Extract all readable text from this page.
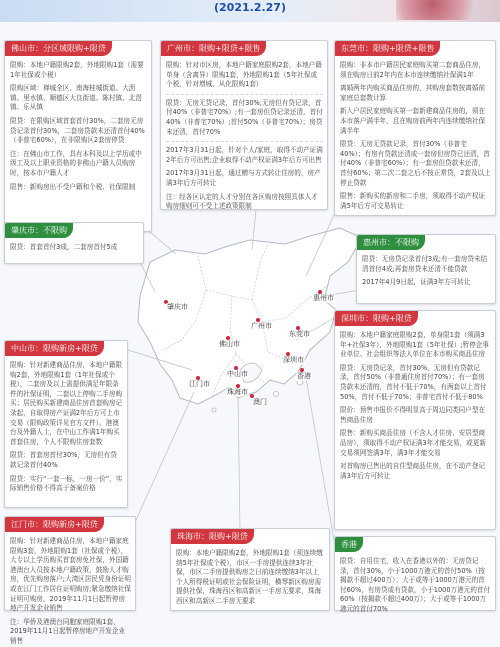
肇庆市
广州市
佛山市
东莞市
惠州市
深圳市
中山市
江门市
珠海市
澳门
香港
(2021.2.27)
佛山市：分区域限购+限贷

限购：本地户籍限购2套，外地限购1套（需要1年社保或个税）

限购区域：禅城全区、南海桂城街道、大沥镇、里水镇、顺德区大良街道、陈村镇、北滘镇、乐从镇

限贷：在限购区域首套首付30%，二套房无房贷记录首付30%，二套房贷款未还清首付40%（非普宅60%），在非限购区2套房停贷

注：在佛山市工作，具有本科及以上学历或中级工及以上职业资格的非佛山户籍人员购房时，按本市户籍人才

限售：新购房出不受户籍和个税、社保限制

广州市：限购+限贷+限售

限购：针对市区房，本地户籍家庭限购2套，本地户籍单身（含离异）限购1套，外地限购1套（5年社保或个税，针对增城、从化限购1套）

限贷：无房无贷记录，首付30%;无房但有贷记录，首付40%（非普宅70%）;有一套房但贷记录还清，首付40%（非普宅70%）;首付50%（非普宅70%）；房贷未还清，首付70%

2017年3月31日起，针对个人/家庭，取得不动产证满2年后方可出售;企业取得不动产权证满3年后方可出售

2017年3月31日起，通过赠与方式转让住房的，房产满3年后方可转让

注：经各区认定的人才分别在各区购房按照具体人才购房细则可不受上述政策限制

东莞市：限购+限贷+限售

限购：非本市户籍居民家庭购买第二套商品住房，须在购房日前2年内在本市连续缴纳社保满1年

离婚两年内购买商品住房的，其购房套数按离婚前家庭总套数计算

新入户居民家庭购买第一套新建商品住房的，须在本市落户满半年，且在购房前两年内连续缴纳社保满半年

限贷：无房无贷款记录，首付30%（非普宅40%）；有房有贷款还清或一套房但房贷已还清，首付40%（非普宅60%）；有一套房但贷款未还清，首付60%；第二次二套之后不按正常贷，2套及以上停止贷款

限售：新购买的新房和二手房，须取得不动产权证满5年后方可交易转让

肇庆市：不限购

限贷：首套首付3成，二套房首付5成	惠州市：不限购

限贷：无房贷记录首付3成;有一套房贷未结清首付4成;再套房贷未还清不能贷款

2017年4月9日起，证满3年方可转让

深圳市：限购+限贷

限购：本地户籍家庭限购2套，单身限1套（须满3年+社保3年），外地限购1套（5年社保）;暂停企事业单位、社会组织等法人单位在本市购买商品住房

限贷：无房贷记录，首付30%，无房但有贷款记录，首付50%（非普通住房首付70%）；有一套房贷款未还清的，首付不低于70%，有两套以上首付50%，首付不低于70%；非普宅首付不低于80%

限价：预售申报价不得明显高于周边同类同户型在售商品住房

限售：新购买商品住房（不含人才住房、安居型商品房），须取得不动产权证满3年才能交易，或更新交易须网签满3年，满3年才能交易

对首购房已售出的自住型商品住房，在不动产登记满3年后方可转让

中山市：限购新房+限贷

限购：针对新建商品住房，本地户籍限购2套，外地限购1套（1年社保或个税），二套房及以上需提供满足年限条件的社保证明，二套以上停购二手房购买；居民购买新建商品住房首套购房记录起，自取得房产证满2年后方可上市交易（限购政策详见官方文件）。港澳台及外籍人士，在中山工作满1年购买首套住房，个人不限购住房套数

限贷：首套房首付30%，无房但有贷款记录首付40%

限贷：实行“一套一标，一房一价”，实际销售价格不得高于备案价格

江门市：限购新房+限贷

限购：针对新建商品住房，本地户籍家庭限购3套，外地限购1套（社保或个税），大专以上学历购买首套房免社保，外国籍港澳台人员按本地户籍政策，鼓励人才购房，优先购房落户;大湾区居民凭身份证明或在江门工作居住证明购房;紧急缴纳社保证明可购房，2019年11月1日起暂停房地产开发企业销售

注：华侨及港澳台同胞家庭限购1套，2019年11月1日起暂停房地产开发企业销售

珠海市：限购+限贷

限购：本地户籍限购2套，外地限购1套（须连续缴纳5年社保或个税），市区一手房提供连续3年社保，市区二手房提供购房之日前连续缴纳3年以上个人所得税证明或社会保险证明，横琴新区购房需提供社保，珠海西区和高新区一手房无要求，珠海西区和高新区二手房无要求

香港

限贷：自用住宅，收入在香港以外的：无房贷记录，首付30%，小于1000万港元的首付50%（按揭款不超过400万）；大于或等于1000万港元的首付60%，有房贷或有贷款，小于1000万港元的首付60%（按揭款不超过400万）；大于或等于1000万港元的首付70%
